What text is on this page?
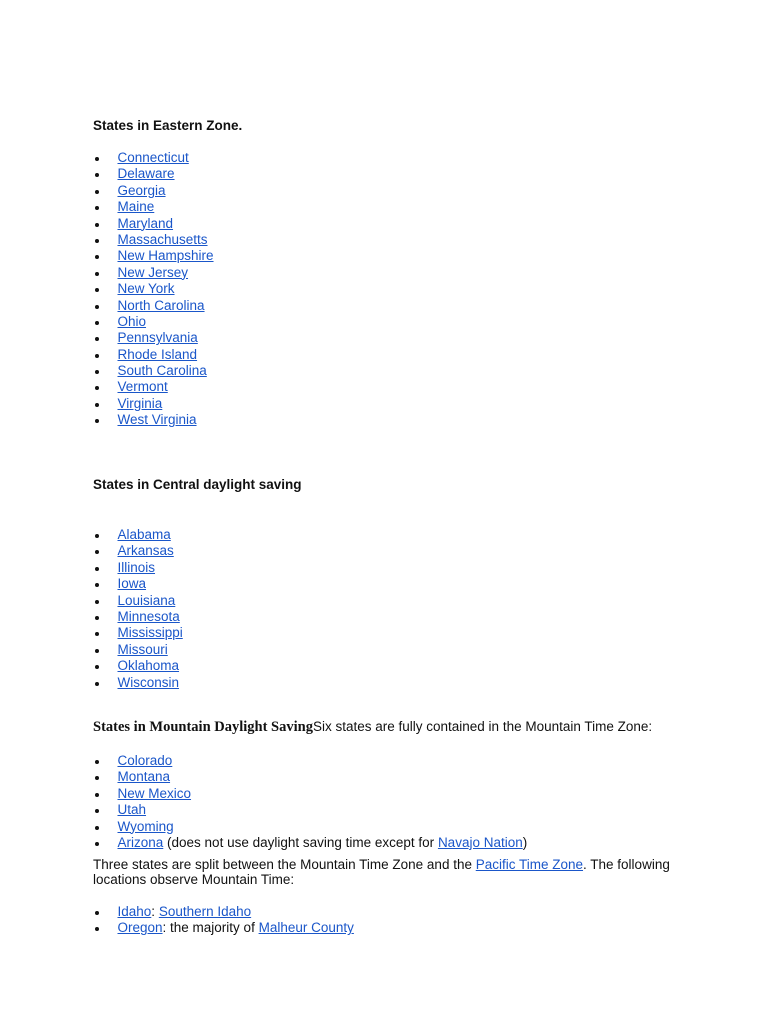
States in Eastern Zone.
Connecticut
Delaware
Georgia
Maine
Maryland
Massachusetts
New Hampshire
New Jersey
New York
North Carolina
Ohio
Pennsylvania
Rhode Island
South Carolina
Vermont
Virginia
West Virginia
States in Central daylight saving
Alabama
Arkansas
Illinois
Iowa
Louisiana
Minnesota
Mississippi
Missouri
Oklahoma
Wisconsin
States in Mountain Daylight SavingSix states are fully contained in the Mountain Time Zone:
Colorado
Montana
New Mexico
Utah
Wyoming
Arizona (does not use daylight saving time except for Navajo Nation)
Three states are split between the Mountain Time Zone and the Pacific Time Zone. The following locations observe Mountain Time:
Idaho: Southern Idaho
Oregon: the majority of Malheur County
